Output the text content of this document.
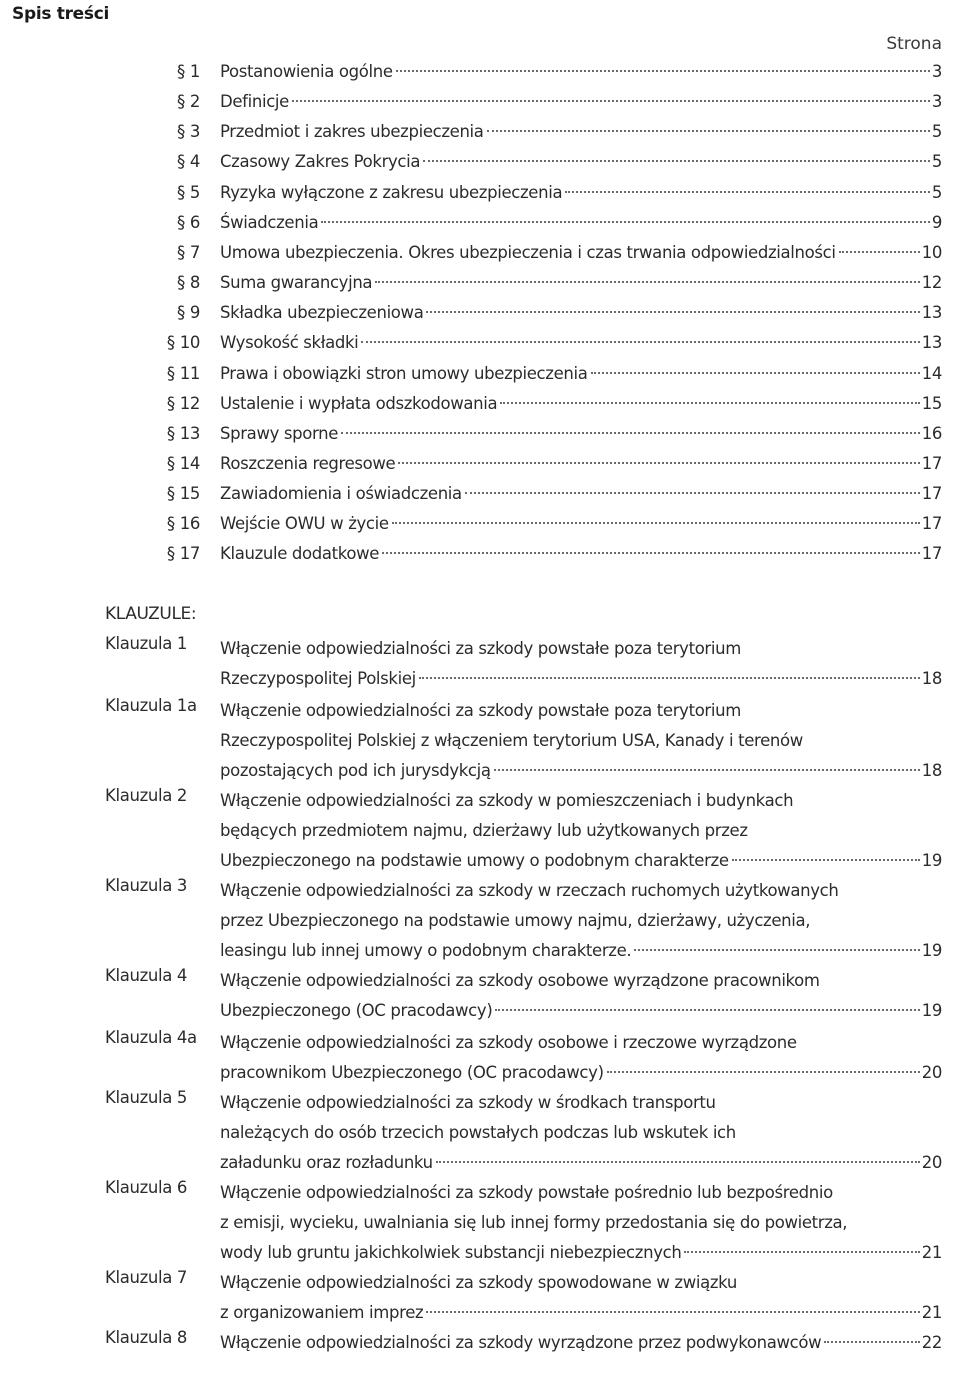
Spis treści
Strona
KLAUZULE:
§ 1 Postanowienia ogólne	3
§ 2 Definicje	3
§ 3 Przedmiot i zakres ubezpieczenia	5
§ 4 Czasowy Zakres Pokrycia	5
§ 5 Ryzyka wyłączone z zakresu ubezpieczenia	5
§ 6 Świadczenia	9
§ 7 Umowa ubezpieczenia. Okres ubezpieczenia i czas trwania odpowiedzialności	10
§ 8 Suma gwarancyjna	12
§ 9 Składka ubezpieczeniowa	13
§ 10 Wysokość składki	13
§ 11 Prawa i obowiązki stron umowy ubezpieczenia	14
§ 12 Ustalenie i wypłata odszkodowania	15
§ 13 Sprawy sporne	16
§ 14 Roszczenia regresowe	17
§ 15 Zawiadomienia i oświadczenia	17
§ 16 Wejście OWU w życie	17
§ 17 Klauzule dodatkowe	17
Klauzula 1 Włączenie odpowiedzialności za szkody powstałe poza terytorium
Rzeczypospolitej Polskiej	18
Klauzula 1a Włączenie odpowiedzialności za szkody powstałe poza terytorium
Rzeczypospolitej Polskiej z włączeniem terytorium USA, Kanady i terenów
pozostających pod ich jurysdykcją	18
Klauzula 2 Włączenie odpowiedzialności za szkody w pomieszczeniach i budynkach
będących przedmiotem najmu, dzierżawy lub użytkowanych przez
Ubezpieczonego na podstawie umowy o podobnym charakterze	19
Klauzula 3 Włączenie odpowiedzialności za szkody w rzeczach ruchomych użytkowanych
przez Ubezpieczonego na podstawie umowy najmu, dzierżawy, użyczenia,
leasingu lub innej umowy o podobnym charakterze.	19
Klauzula 4 Włączenie odpowiedzialności za szkody osobowe wyrządzone pracownikom
Ubezpieczonego (OC pracodawcy)	19
Klauzula 4a Włączenie odpowiedzialności za szkody osobowe i rzeczowe wyrządzone
pracownikom Ubezpieczonego (OC pracodawcy)	20
Klauzula 5 Włączenie odpowiedzialności za szkody w środkach transportu
należących do osób trzecich powstałych podczas lub wskutek ich
załadunku oraz rozładunku	20
Klauzula 6 Włączenie odpowiedzialności za szkody powstałe pośrednio lub bezpośrednio
z emisji, wycieku, uwalniania się lub innej formy przedostania się do powietrza,
wody lub gruntu jakichkolwiek substancji niebezpiecznych	21
Klauzula 7 Włączenie odpowiedzialności za szkody spowodowane w związku
z organizowaniem imprez	21
Klauzula 8 Włączenie odpowiedzialności za szkody wyrządzone przez podwykonawców	22
